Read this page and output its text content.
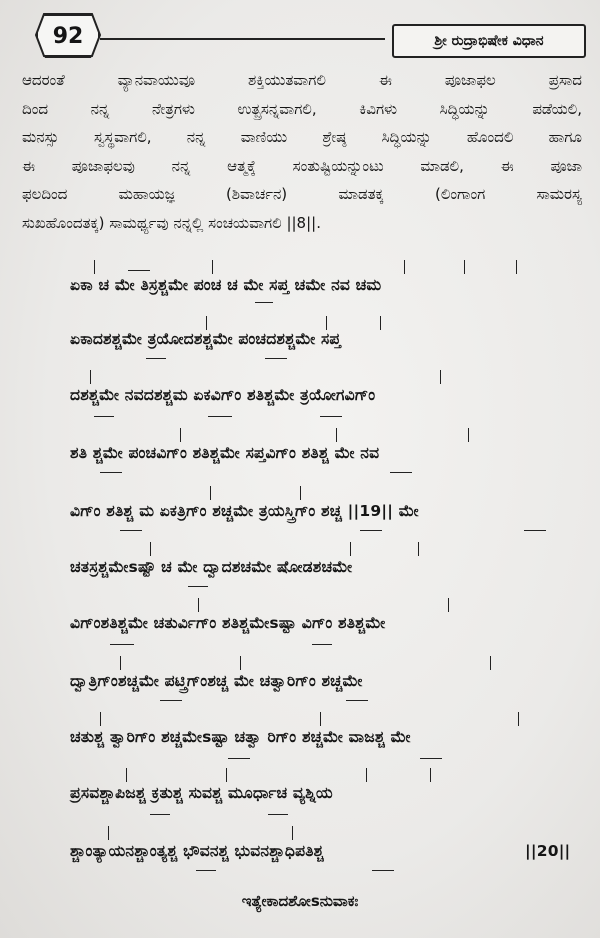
92	ಶ್ರೀ ರುದ್ರಾಭಿಷೇಕ ವಿಧಾನ
ಆದರಂತೆ ವ್ಯಾನವಾಯುವೂ ಶಕ್ತಿಯುತವಾಗಲಿ ಈ ಪೂಜಾಫಲ ಪ್ರಸಾದ
ದಿಂದ ನನ್ನ ನೇತ್ರಗಳು ಉತ್ಪ್ರಸನ್ನವಾಗಲಿ, ಕಿವಿಗಳು ಸಿದ್ಧಿಯನ್ನು ಪಡೆಯಲಿ,
ಮನಸ್ಸು ಸ್ವಸ್ಥವಾಗಲಿ, ನನ್ನ ವಾಣಿಯು ಶ್ರೇಷ್ಠ ಸಿದ್ಧಿಯನ್ನು ಹೊಂದಲಿ ಹಾಗೂ
ಈ ಪೂಜಾಫಲವು ನನ್ನ ಆತ್ಮಕ್ಕೆ ಸಂತುಷ್ಟಿಯನ್ನುಂಟು ಮಾಡಲಿ, ಈ ಪೂಜಾ
ಫಲದಿಂದ ಮಹಾಯಜ್ಞ (ಶಿವಾರ್ಚನ) ಮಾಡತಕ್ಕ (ಲಿಂಗಾಂಗ ಸಾಮರಸ್ಯ
ಸುಖಹೊಂದತಕ್ಕ) ಸಾಮರ್ಥ್ಯವು ನನ್ನಲ್ಲಿ ಸಂಚಯವಾಗಲಿ ||8||.
ಏಕಾ ಚ ಮೇ ತಿಸ್ರಶ್ಚಮೇ ಪಂಚ ಚ ಮೇ ಸಪ್ತ ಚಮೇ ನವ ಚಮ
ಏಕಾದಶಶ್ಚಮೇ ತ್ರಯೋದಶಶ್ಚಮೇ ಪಂಚದಶಶ್ಚಮೇ ಸಪ್ತ
ದಶಶ್ಚಮೇ ನವದಶಶ್ಚಮ ಏಕವಿಗ್ಂ ಶತಿಶ್ಚಮೇ ತ್ರಯೋಗವಿಗ್ಂ
ಶತಿ ಶ್ಚಮೇ ಪಂಚವಿಗ್ಂ ಶತಿಶ್ಚಮೇ ಸಪ್ತವಿಗ್ಂ ಶತಿಶ್ಚ ಮೇ ನವ
ವಿಗ್ಂ ಶತಿಶ್ಚ ಮ ಏಕತ್ರಿಗ್ಂ ಶಚ್ಚಮೇ ತ್ರಯಸ್ತ್ರಿಗ್ಂ ಶಚ್ಚ ||19|| ಮೇ
ಚತಸ್ರಶ್ಚಮೇsಷ್ಟೌ ಚ ಮೇ ದ್ವಾದಶಚಮೇ ಷೋಡಶಚಮೇ
ವಿಗ್ಂಶತಿಶ್ಚಮೇ ಚತುರ್ವಿಗ್ಂ ಶತಿಶ್ಚಮೇsಷ್ಟಾ ವಿಗ್ಂ ಶತಿಶ್ಚಮೇ
ದ್ವಾತ್ರಿಗ್ಂಶಚ್ಚಮೇ ಪಟ್ತ್ರಿಗ್ಂಶಚ್ಚ ಮೇ ಚತ್ವಾರಿಗ್ಂ ಶಚ್ಚಮೇ
ಚತುಶ್ಚ ತ್ವಾರಿಗ್ಂ ಶಚ್ಚಮೇsಷ್ಟಾ ಚತ್ವಾ ರಿಗ್ಂ ಶಚ್ಚಮೇ ವಾಜಶ್ಚ ಮೇ
ಪ್ರಸವಶ್ಚಾಪಿಜಶ್ಚ ಕ್ರತುಶ್ಚ ಸುವಶ್ಚ ಮೂರ್ಧಾಚ ವ್ಯಶ್ನಿಯ
ಶ್ಚಾಂತ್ಯಾಯನಶ್ಚಾಂತ್ಯಶ್ಚ ಭೌವನಶ್ಚ ಭುವನಶ್ಚಾಧಿಪತಿಶ್ಚ	||20||
ಇತ್ಯೇಕಾದಶೋsನುವಾಕಃ
